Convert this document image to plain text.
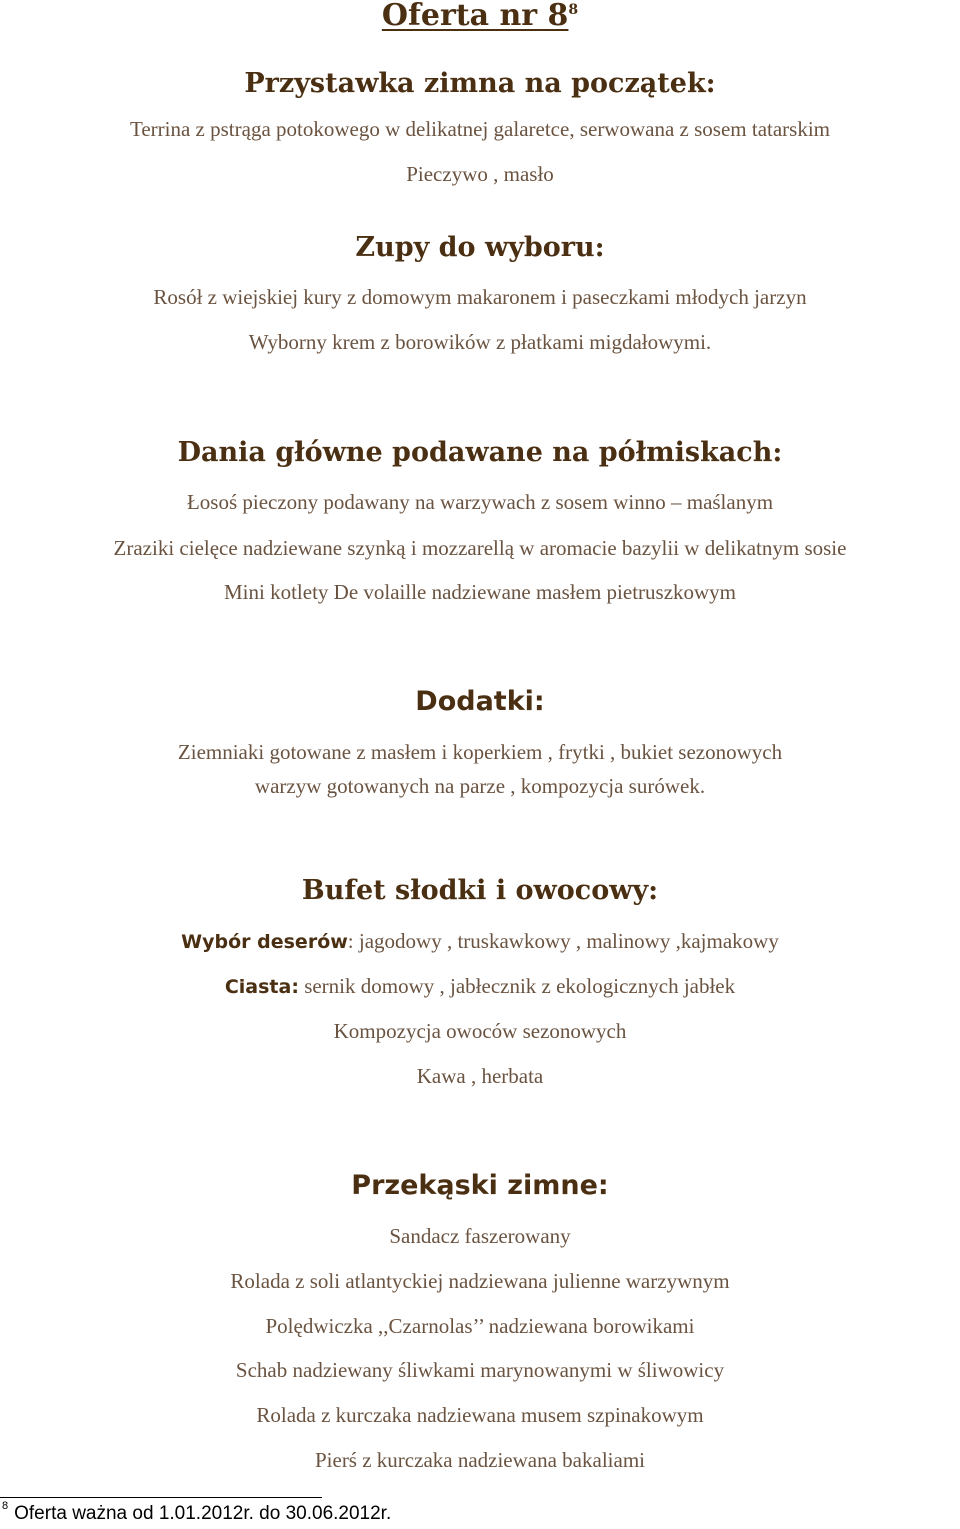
Oferta nr $8^8$
Przystawka zimna na początek:
Terrina z pstrąga potokowego w delikatnej galaretce, serwowana z sosem tatarskim
Pieczywo , masło
Zupy do wyboru:
Rosół z wiejskiej kury z domowym makaronem i paseczkami młodych jarzyn
Wyborny krem z borowików z płatkami migdałowymi.
Dania główne podawane na półmiskach:
Łosoś pieczony podawany na warzywach z sosem winno – maślanym
Zraziki cielęce nadziewane szynką i mozzarellą w aromacie bazylii w delikatnym sosie
Mini kotlety De volaille nadziewane masłem pietruszkowym
Dodatki:
Ziemniaki gotowane z masłem i koperkiem , frytki , bukiet sezonowych
warzyw gotowanych na parze , kompozycja surówek.
Bufet słodki i owocowy:
Wybór deserów: jagodowy , truskawkowy , malinowy ,kajmakowy
Ciasta: sernik domowy , jabłecznik z ekologicznych jabłek
Kompozycja owoców sezonowych
Kawa , herbata
Przekąski zimne:
Sandacz faszerowany
Rolada z soli atlantyckiej nadziewana julienne warzywnym
Polędwiczka ,,Czarnolas’’ nadziewana borowikami
Schab nadziewany śliwkami marynowanymi w śliwowicy
Rolada z kurczaka nadziewana musem szpinakowym
Pierś z kurczaka nadziewana bakaliami
$^8$ Oferta ważna od 1.01.2012r. do 30.06.2012r.
